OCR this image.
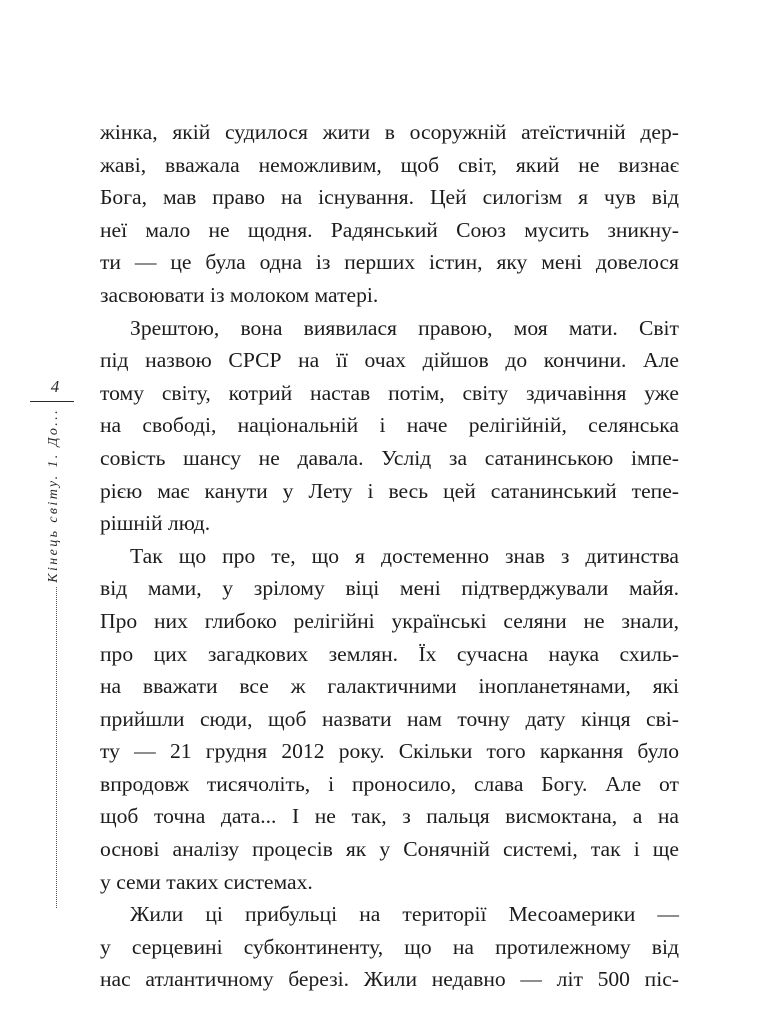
4
Кінець світу. 1. До...
жінка, якій судилося жити в осоружній атеїстичній дер-
жаві, вважала неможливим, щоб світ, який не визнає
Бога, мав право на існування. Цей силогізм я чув від
неї мало не щодня. Радянський Союз мусить зникну-
ти — це була одна із перших істин, яку мені довелося
засвоювати із молоком матері.
Зрештою, вона виявилася правою, моя мати. Світ
під назвою СРСР на її очах дійшов до кончини. Але
тому світу, котрий настав потім, світу здичавіння уже
на свободі, національній і наче релігійній, селянська
совість шансу не давала. Услід за сатанинською імпе-
рією має канути у Лету і весь цей сатанинський тепе-
рішній люд.
Так що про те, що я достеменно знав з дитинства
від мами, у зрілому віці мені підтверджували майя.
Про них глибоко релігійні українські селяни не знали,
про цих загадкових землян. Їх сучасна наука схиль-
на вважати все ж галактичними інопланетянами, які
прийшли сюди, щоб назвати нам точну дату кінця сві-
ту — 21 грудня 2012 року. Скільки того каркання було
впродовж тисячоліть, і проносило, слава Богу. Але от
щоб точна дата... І не так, з пальця висмоктана, а на
основі аналізу процесів як у Сонячній системі, так і ще
у семи таких системах.
Жили ці прибульці на території Месоамерики —
у серцевині субконтиненту, що на протилежному від
нас атлантичному березі. Жили недавно — літ 500 піс-
